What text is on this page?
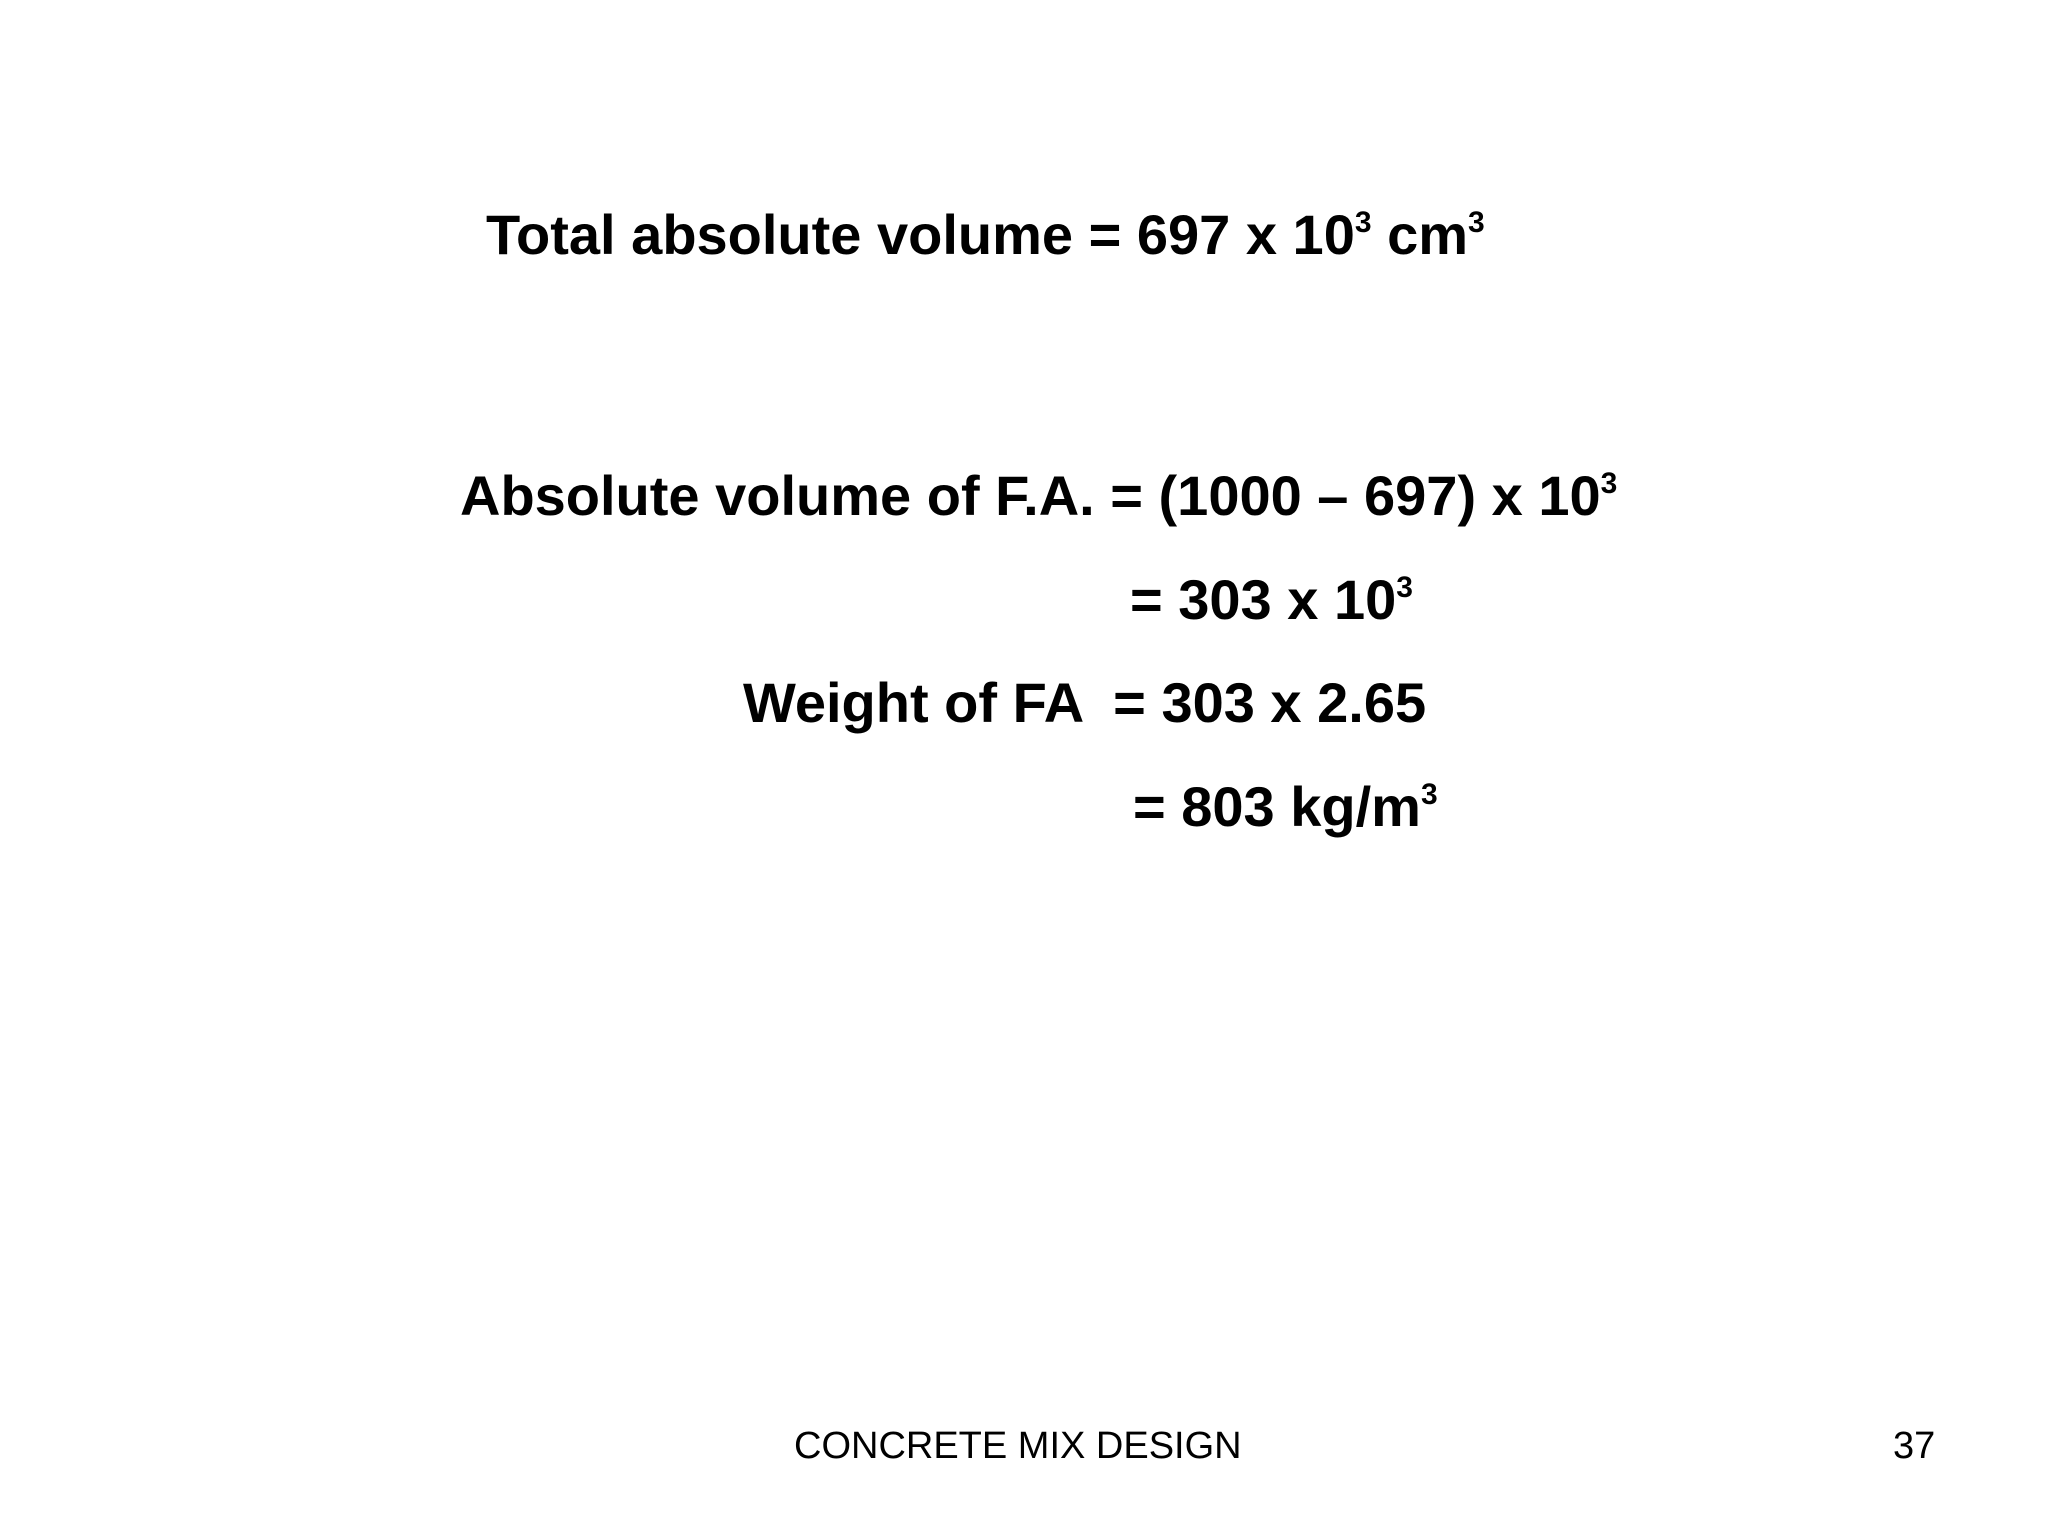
Total absolute volume = 697 x $10^3$ $cm^3$
Absolute volume of F.A. = (1000 – 697) x $10^3$
= 303 x $10^3$
Weight of FA  = 303 x 2.65
= 803 $kg/m^3$
CONCRETE MIX DESIGN	37
